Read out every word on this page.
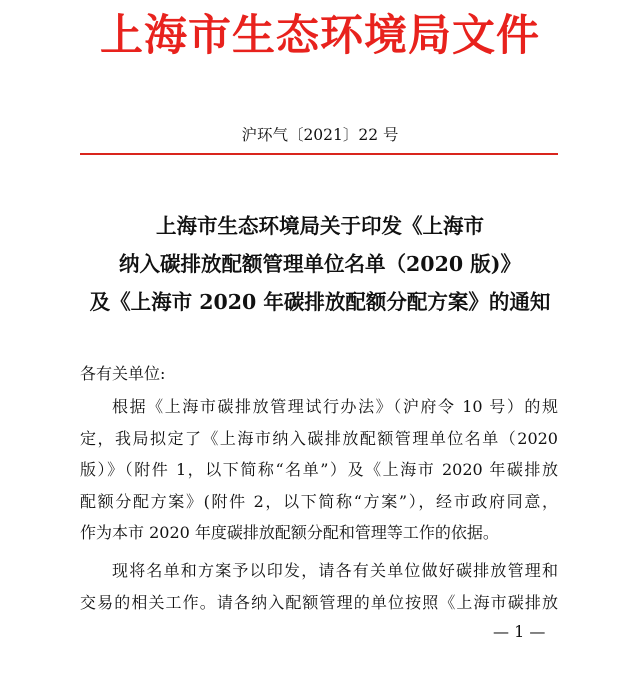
上海市生态环境局文件
沪环气〔2021〕22 号
上海市生态环境局关于印发《上海市
纳入碳排放配额管理单位名单（2020 版)》
及《上海市 2020 年碳排放配额分配方案》的通知
各有关单位:
根据《上海市碳排放管理试行办法》（沪府令 10 号）的规
定，我局拟定了《上海市纳入碳排放配额管理单位名单（2020
版）》（附件 1，以下简称“名单”）及《上海市 2020 年碳排放
配额分配方案》(附件 2，以下简称“方案”），经市政府同意，
作为本市 2020 年度碳排放配额分配和管理等工作的依据。
现将名单和方案予以印发，请各有关单位做好碳排放管理和
交易的相关工作。请各纳入配额管理的单位按照《上海市碳排放
— 1 —
